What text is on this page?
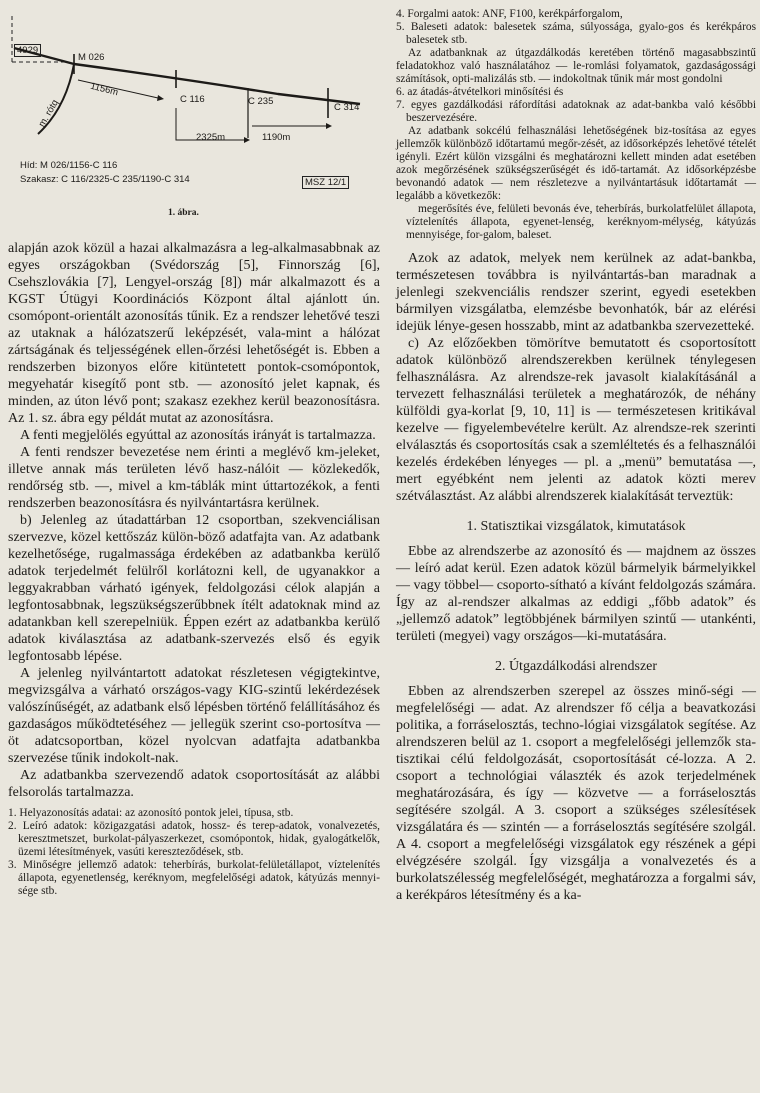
4929
M 026
1156m
m. rótq	C 116	C 235
C 314
2325m	1190m
Híd: M 026/1156-C 116
Szakasz: C 116/2325-C 235/1190-C 314	MSZ 12/1
1. ábra.

alapján azok közül a hazai alkalmazásra a leg-alkalmasabbnak az egyes országokban (Svédország [5], Finnország [6], Csehszlovákia [7], Lengyel-ország [8]) már alkalmazott és a KGST Útügyi Koordinációs Központ által ajánlott ún. csomópont-orientált azonosítás tűnik. Ez a rendszer lehetővé teszi az utaknak a hálózatszerű leképzését, vala-mint a hálózat zártságának és teljességének ellen-őrzési lehetőségét is. Ebben a rendszerben bizonyos előre kitüntetett pontok-csomópontok, megyehatár kisegítő pont stb. — azonosító jelet kapnak, és minden, az úton lévő pont; szakasz ezekhez kerül beazonosításra. Az 1. sz. ábra egy példát mutat az azonosításra.

A fenti megjelölés egyúttal az azonosítás irányát is tartalmazza.

A fenti rendszer bevezetése nem érinti a meglévő km-jeleket, illetve annak más területen lévő hasz-nálóit — közlekedők, rendőrség stb. —, mivel a km-táblák mint úttartozékok, a fenti rendszerben beazonosításra és nyilvántartásra kerülnek.

b) Jelenleg az útadattárban 12 csoportban, szekvenciálisan szervezve, közel kettőszáz külön-böző adatfajta van. Az adatbank kezelhetősége, rugalmassága érdekében az adatbankba kerülő adatok terjedelmét felülről korlátozni kell, de ugyanakkor a leggyakrabban várható igények, feldolgozási célok alapján a legfontosabbnak, legszükségszerűbbnek ítélt adatoknak mind az adatankban kell szerepelniük. Éppen ezért az adatbankba kerülő adatok kiválasztása az adatbank-szervezés első és egyik legfontosabb lépése.

A jelenleg nyilvántartott adatokat részletesen végigtekintve, megvizsgálva a várható országos-vagy KIG-szintű lekérdezések valószínűségét, az adatbank első lépésben történő felállításához és gazdaságos működtetéséhez — jellegük szerint cso-portosítva — öt adatcsoportban, közel nyolcvan adatfajta adatbankba szervezése tűnik indokolt-nak.

Az adatbankba szervezendő adatok csoportosítását az alábbi felsorolás tartalmazza.

1. Helyazonosítás adatai: az azonosító pontok jelei, típusa, stb.
2. Leíró adatok: közigazgatási adatok, hossz- és terep-adatok, vonalvezetés, keresztmetszet, burkolat-pályaszerkezet, csomópontok, hidak, gyalogátkelők, üzemi létesítmények, vasúti kereszteződések, stb.
3. Minőségre jellemző adatok: teherbírás, burkolat-felületállapot, víztelenítés állapota, egyenetlenség, keréknyom, megfelelőségi adatok, kátyúzás mennyi-sége stb.

4. Forgalmi aatok: ANF, F100, kerékpárforgalom,

5. Baleseti adatok: balesetek száma, súlyossága, gyalo-gos és kerékpáros balesetek stb.

Az adatbanknak az útgazdálkodás keretében történő magasabbszintű feladatokhoz való használatához — le-romlási folyamatok, gazdaságossági számítások, opti-malizálás stb. — indokoltnak tűnik már most gondolni

6. az átadás-átvételkori minősítési és

7. egyes gazdálkodási ráfordítási adatoknak az adat-bankba való későbbi beszervezésére.

Az adatbank sokcélú felhasználási lehetőségének biz-tosítása az egyes jellemzők különböző időtartamú megőr-zését, az idősorképzés lehetővé tételét igényli. Ezért külön vizsgálni és meghatározni kellett minden adat esetében azok megőrzésének szükségszerűségét és idő-tartamát. Az idősorképzésbe bevonandó adatok — nem részletezve a nyilvántartásuk időtartamát — legalább a következők:

megerősítés éve, felületi bevonás éve, teherbírás, burkolatfelület állapota, víztelenítés állapota, egyenet-lenség, keréknyom-mélység, kátyúzás mennyisége, for-galom, baleset.

Azok az adatok, melyek nem kerülnek az adat-bankba, természetesen továbbra is nyilvántartás-ban maradnak a jelenlegi szekvenciális rendszer szerint, egyedi esetekben bármilyen vizsgálatba, elemzésbe bevonhatók, bár az elérési idejük lénye-gesen hosszabb, mint az adatbankba szervezetteké.

c) Az előzőekben tömörítve bemutatott és csoportosított adatok különböző alrendszerekben kerülnek ténylegesen felhasználásra. Az alrendsze-rek javasolt kialakításánál a tervezett felhasználási területek a meghatározók, de néhány külföldi gya-korlat [9, 10, 11] is — természetesen kritikával kezelve — figyelembevételre került. Az alrendsze-rek szerinti elválasztás és csoportosítás csak a szemléltetés és a felhasználói kezelés érdekében lényeges — pl. a „menü” bemutatása —, mert egyébként nem jelenti az adatok közti merev szétválasztást. Az alábbi alrendszerek kialakítását terveztük:

1. Statisztikai vizsgálatok, kimutatások

Ebbe az alrendszerbe az azonosító és — majdnem az összes — leíró adat kerül. Ezen adatok közül bármelyik bármelyikkel — vagy többel— csoporto-sítható a kívánt feldolgozás számára. Így az al-rendszer alkalmas az eddigi „főbb adatok” és „jellemző adatok” legtöbbjének bármilyen szintű — utankénti, területi (megyei) vagy országos—ki-mutatására.

2. Útgazdálkodási alrendszer

Ebben az alrendszerben szerepel az összes minő-ségi — megfelelőségi — adat. Az alrendszer fő célja a beavatkozási politika, a forráselosztás, techno-lógiai vizsgálatok segítése. Az alrendszeren belül az 1. csoport a megfelelőségi jellemzők sta-tisztikai célú feldolgozását, csoportosítását cé-lozza. A 2. csoport a technológiai választék és azok terjedelmének meghatározására, és így — közvetve — a forráselosztás segítésére szolgál. A 3. csoport a szükséges szélesítések vizsgálatára és — szintén — a forráselosztás segítésére szolgál. A 4. csoport a megfelelőségi vizsgálatok egy részének a gépi elvégzésére szolgál. Így vizsgálja a vonalvezetés és a burkolatszélesség megfelelőségét, meghatározza a forgalmi sáv, a kerékpáros létesítmény és a ka-
